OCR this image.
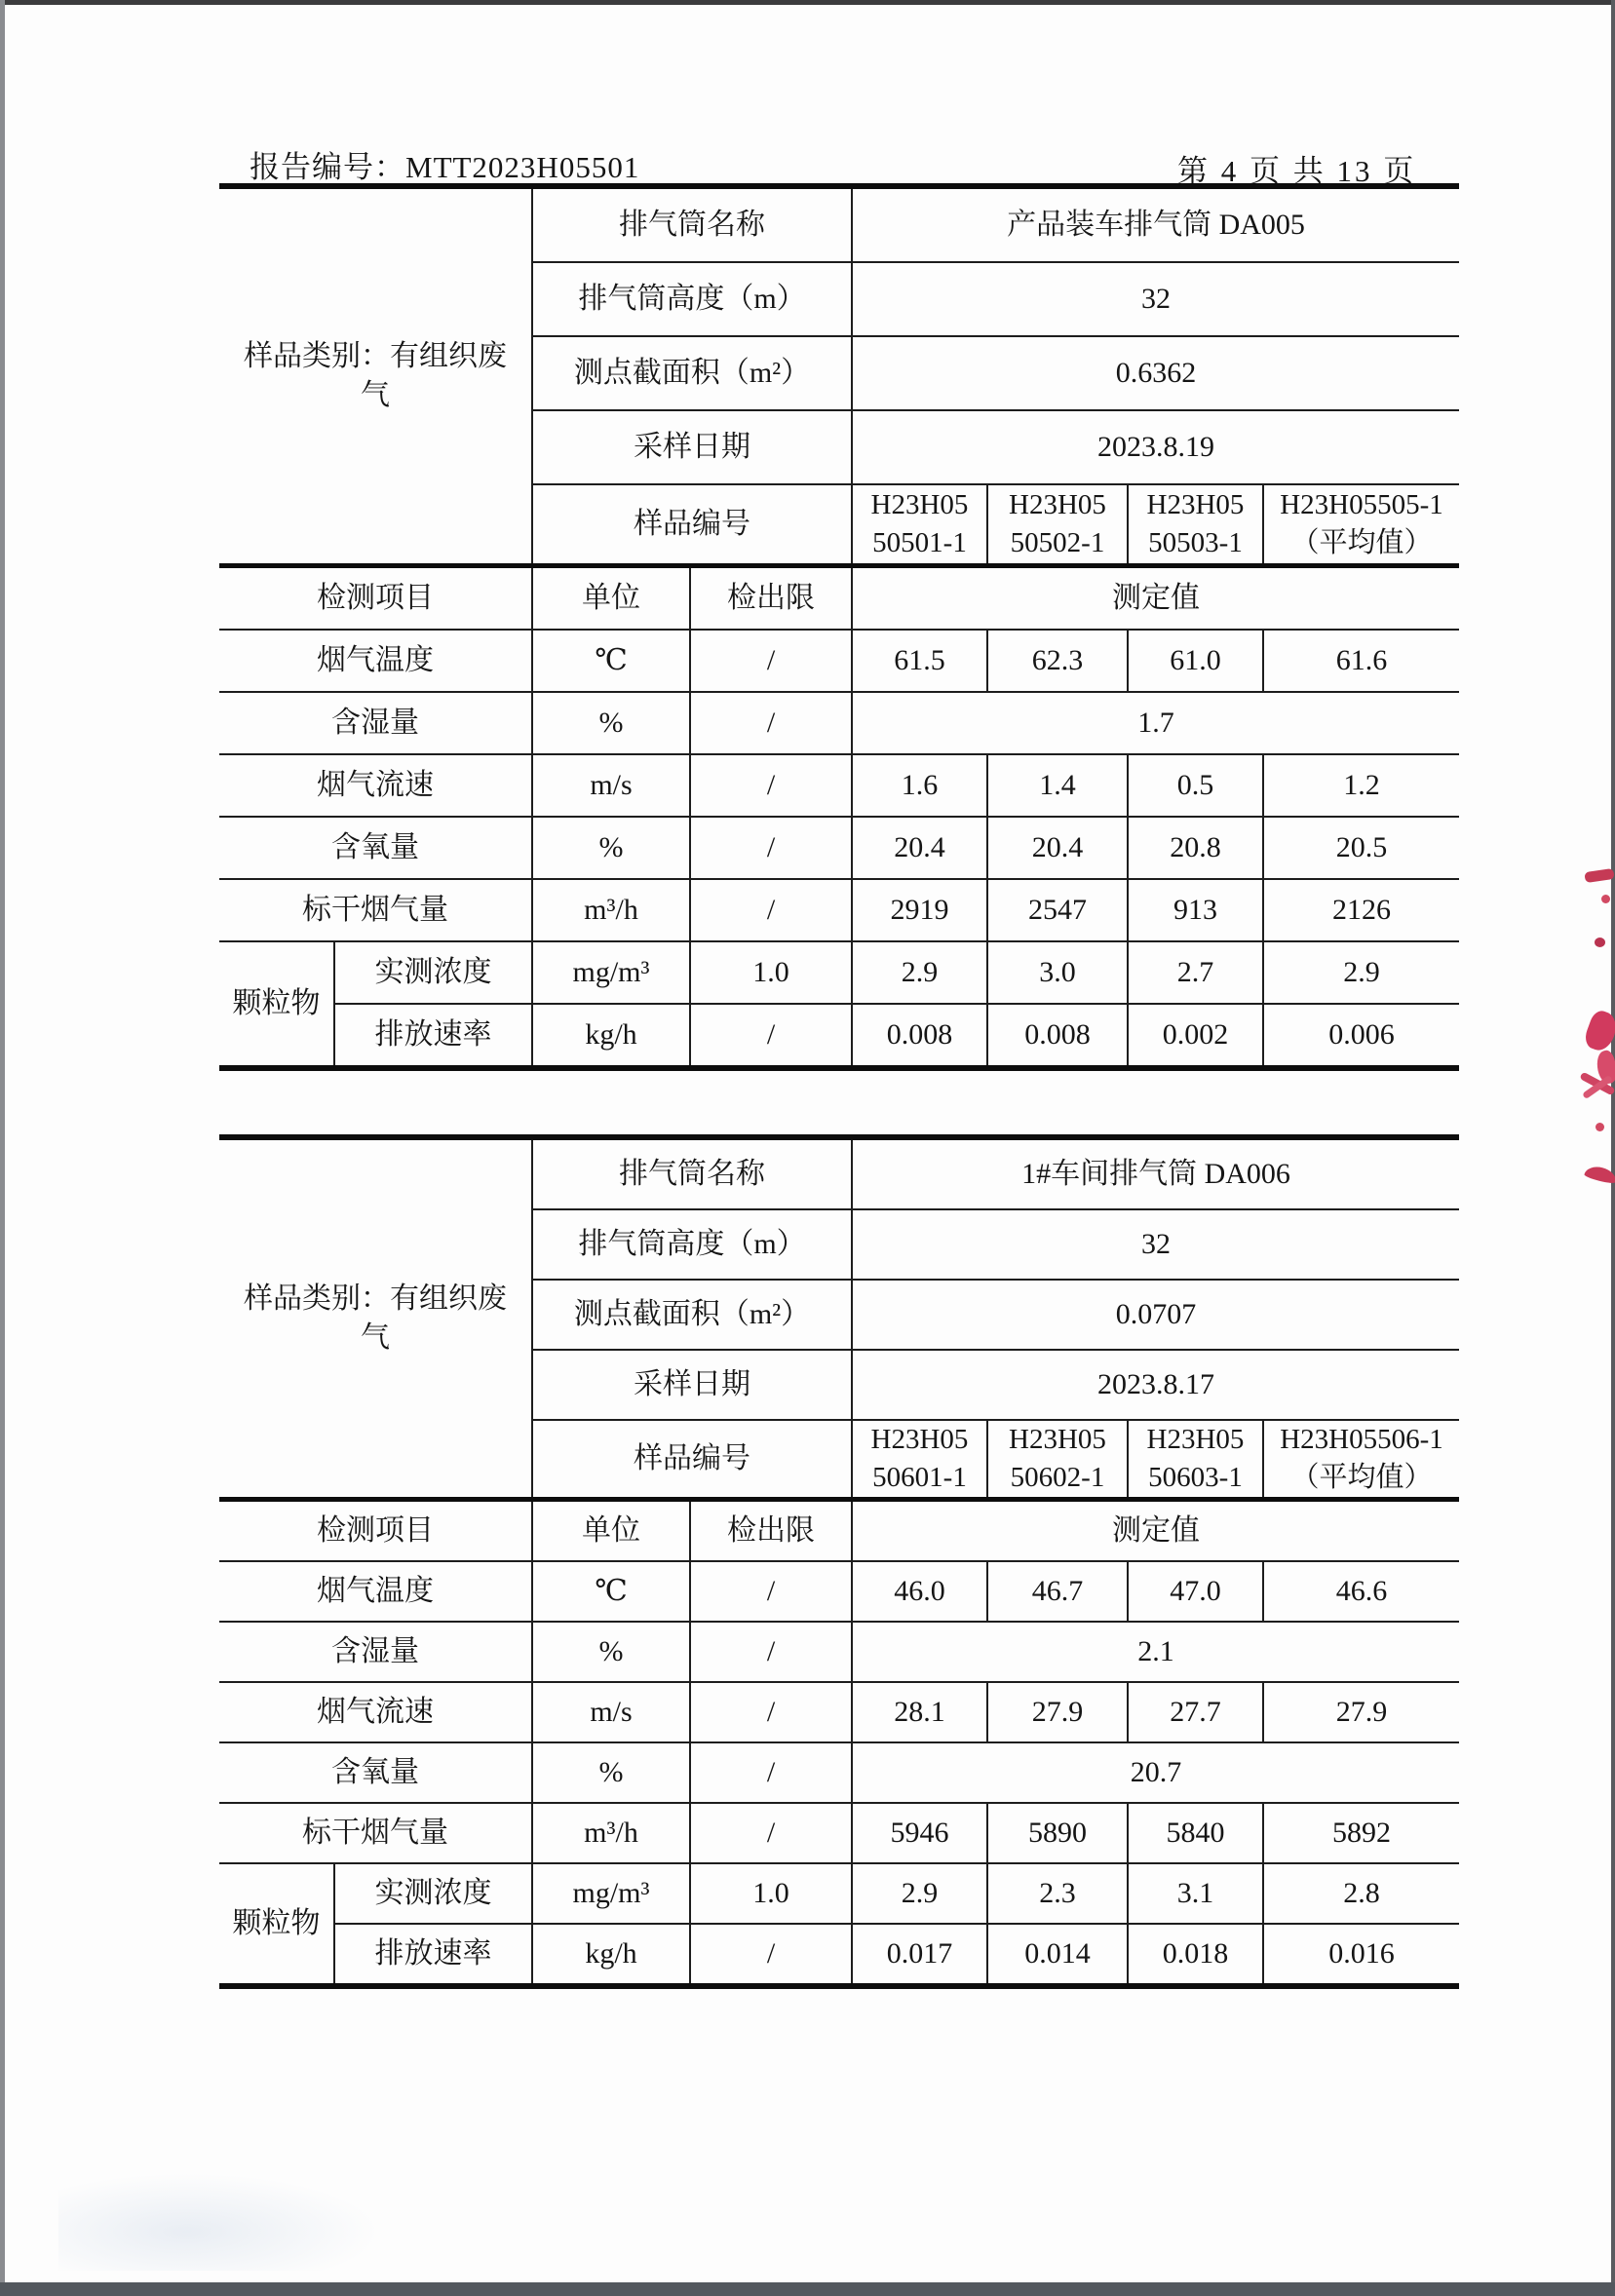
报告编号：MTT2023H05501	第 4 页 共 13 页
样品类别：有组织废气		排气筒名称		产品装车排气筒 DA005			
		排气筒高度（m）		32			
		测点截面积（m²）		0.6362			
		采样日期		2023.8.19			
		样品编号		H23H05 50501-1	H23H05 50502-1	H23H05 50503-1	H23H05505-1（平均值）
检测项目		单位	检出限	测定值			
烟气温度		℃	/	61.5	62.3	61.0	61.6
含湿量		%	/	1.7			
烟气流速		m/s	/	1.6	1.4	0.5	1.2
含氧量		%	/	20.4	20.4	20.8	20.5
标干烟气量		m³/h	/	2919	2547	913	2126
颗粒物	实测浓度	mg/m³	1.0	2.9	3.0	2.7	2.9
	排放速率	kg/h	/	0.008	0.008	0.002	0.006
样品类别：有组织废气		排气筒名称		1#车间排气筒 DA006			
		排气筒高度（m）		32			
		测点截面积（m²）		0.0707			
		采样日期		2023.8.17			
		样品编号		H23H05 50601-1	H23H05 50602-1	H23H05 50603-1	H23H05506-1（平均值）
检测项目		单位	检出限	测定值			
烟气温度		℃	/	46.0	46.7	47.0	46.6
含湿量		%	/	2.1			
烟气流速		m/s	/	28.1	27.9	27.7	27.9
含氧量		%	/	20.7			
标干烟气量		m³/h	/	5946	5890	5840	5892
颗粒物	实测浓度	mg/m³	1.0	2.9	2.3	3.1	2.8
	排放速率	kg/h	/	0.017	0.014	0.018	0.016
